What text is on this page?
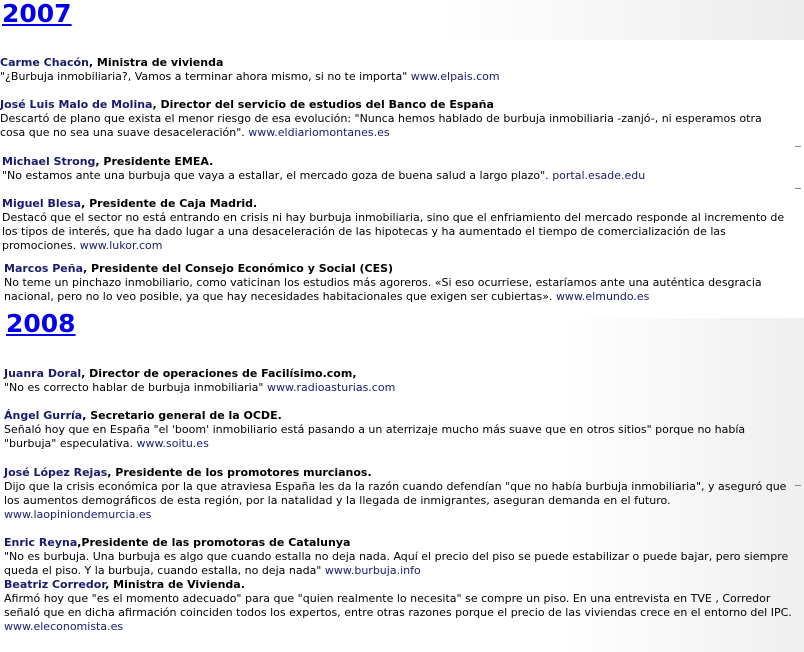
2007
Carme Chacón, Ministra de vivienda
"¿Burbuja inmobiliaria?, Vamos a terminar ahora mismo, si no te importa" www.elpais.com
José Luis Malo de Molina, Director del servicio de estudios del Banco de España
Descartó de plano que exista el menor riesgo de esa evolución: "Nunca hemos hablado de burbuja inmobiliaria -zanjó-, ni esperamos otra cosa que no sea una suave desaceleración". www.eldiariomontanes.es
Michael Strong, Presidente EMEA.
"No estamos ante una burbuja que vaya a estallar, el mercado goza de buena salud a largo plazo". portal.esade.edu
Miguel Blesa, Presidente de Caja Madrid.
Destacó que el sector no está entrando en crisis ni hay burbuja inmobiliaria, sino que el enfriamiento del mercado responde al incremento de los tipos de interés, que ha dado lugar a una desaceleración de las hipotecas y ha aumentado el tiempo de comercialización de las promociones. www.lukor.com
Marcos Peña, Presidente del Consejo Económico y Social (CES)
No teme un pinchazo inmobiliario, como vaticinan los estudios más agoreros. «Si eso ocurriese, estaríamos ante una auténtica desgracia nacional, pero no lo veo posible, ya que hay necesidades habitacionales que exigen ser cubiertas». www.elmundo.es
2008
Juanra Doral, Director de operaciones de Facilísimo.com,
"No es correcto hablar de burbuja inmobiliaria" www.radioasturias.com
Ángel Gurría, Secretario general de la OCDE.
Señaló hoy que en España "el 'boom' inmobiliario está pasando a un aterrizaje mucho más suave que en otros sitios" porque no había "burbuja" especulativa. www.soitu.es
José López Rejas, Presidente de los promotores murcianos.
Dijo que la crisis económica por la que atraviesa España les da la razón cuando defendían "que no había burbuja inmobiliaria", y aseguró que los aumentos demográficos de esta región, por la natalidad y la llegada de inmigrantes, aseguran demanda en el futuro. www.laopiniondemurcia.es
Enric Reyna,Presidente de las promotoras de Catalunya
"No es burbuja. Una burbuja es algo que cuando estalla no deja nada. Aquí el precio del piso se puede estabilizar o puede bajar, pero siempre queda el piso. Y la burbuja, cuando estalla, no deja nada" www.burbuja.info
Beatriz Corredor, Ministra de Vivienda.
Afirmó hoy que "es el momento adecuado" para que "quien realmente lo necesita" se compre un piso. En una entrevista en TVE , Corredor señaló que en dicha afirmación coinciden todos los expertos, entre otras razones porque el precio de las viviendas crece en el entorno del IPC. www.eleconomista.es
